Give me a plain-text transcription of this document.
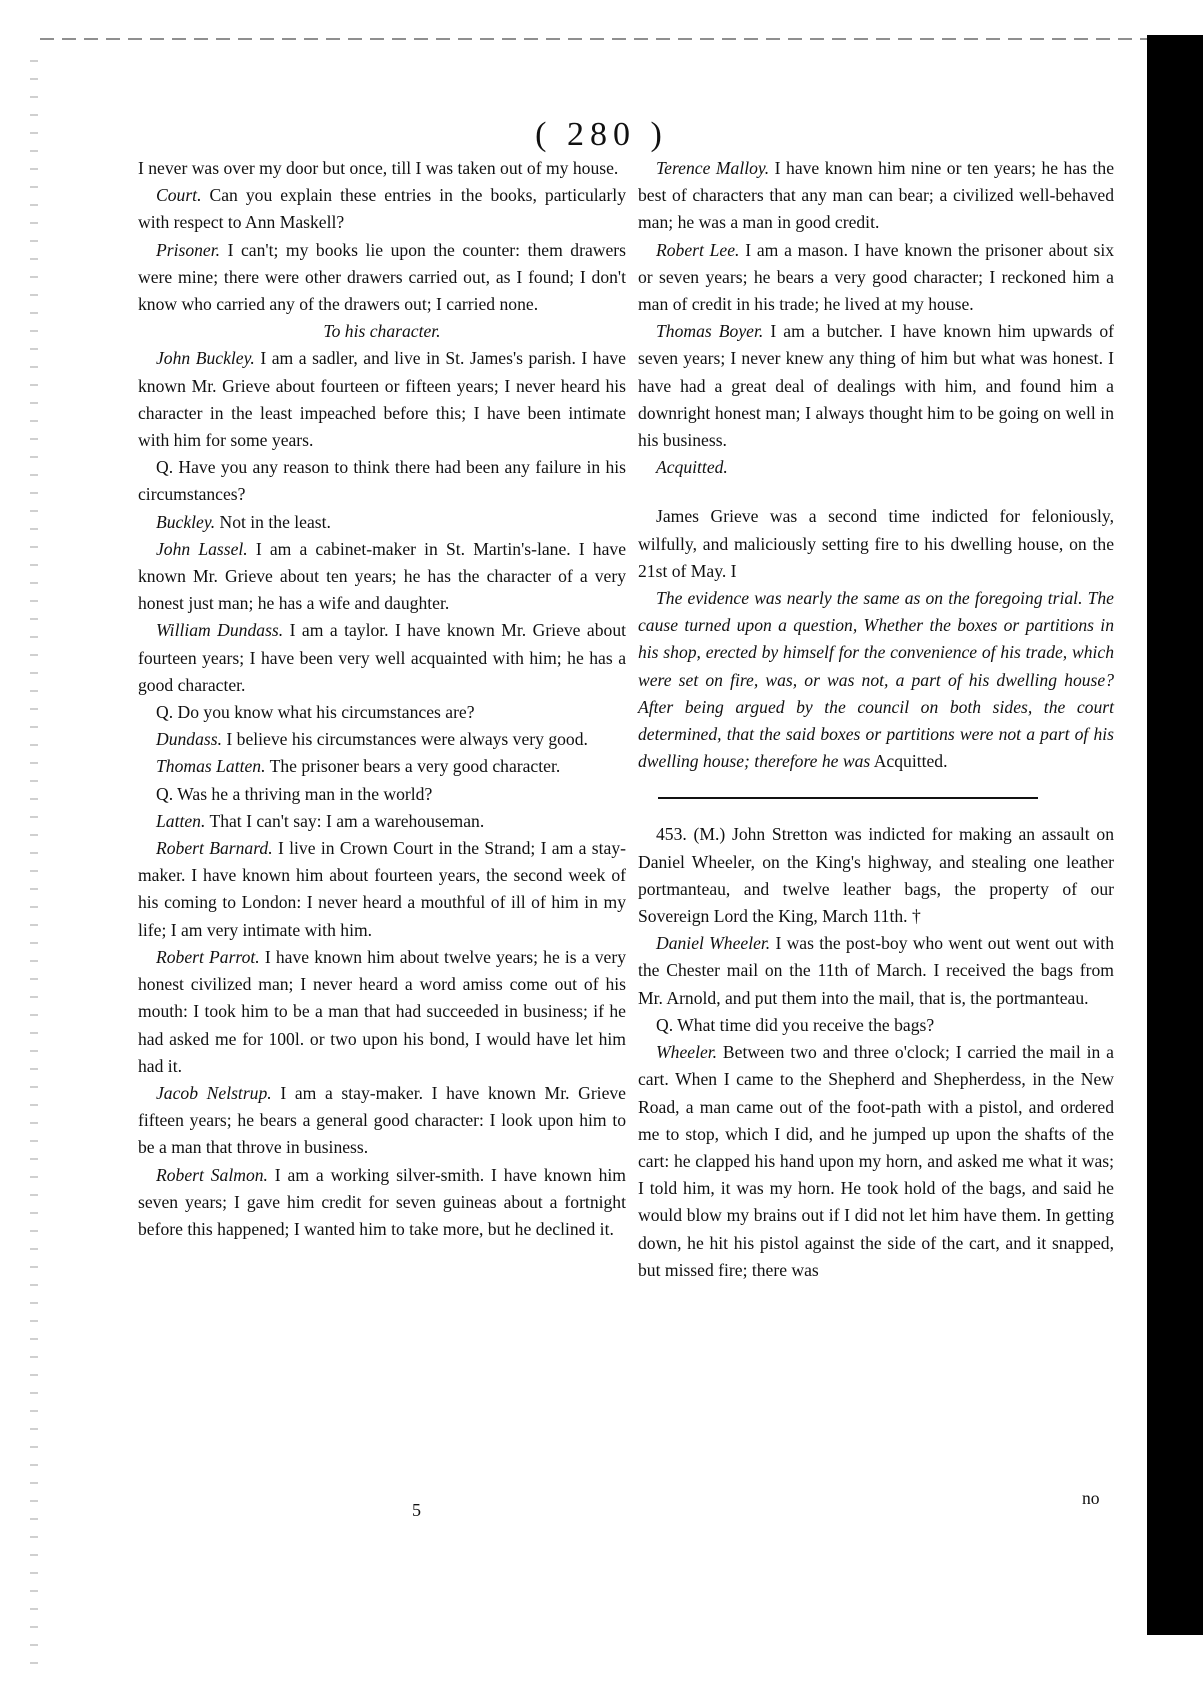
( 280 )

I never was over my door but once, till I was taken out of my house.

Court. Can you explain these entries in the books, particularly with respect to Ann Maskell?

Prisoner. I can't; my books lie upon the counter: them drawers were mine; there were other drawers carried out, as I found; I don't know who carried any of the drawers out; I carried none.

To his character.

John Buckley. I am a sadler, and live in St. James's parish. I have known Mr. Grieve about fourteen or fifteen years; I never heard his character in the least impeached before this; I have been intimate with him for some years.

Q. Have you any reason to think there had been any failure in his circumstances?

Buckley. Not in the least.

John Lassel. I am a cabinet-maker in St. Martin's-lane. I have known Mr. Grieve about ten years; he has the character of a very honest just man; he has a wife and daughter.

William Dundass. I am a taylor. I have known Mr. Grieve about fourteen years; I have been very well acquainted with him; he has a good character.

Q. Do you know what his circumstances are?

Dundass. I believe his circumstances were always very good.

Thomas Latten. The prisoner bears a very good character.

Q. Was he a thriving man in the world?

Latten. That I can't say: I am a warehouseman.

Robert Barnard. I live in Crown Court in the Strand; I am a stay-maker. I have known him about fourteen years, the second week of his coming to London: I never heard a mouthful of ill of him in my life; I am very intimate with him.

Robert Parrot. I have known him about twelve years; he is a very honest civilized man; I never heard a word amiss come out of his mouth: I took him to be a man that had succeeded in business; if he had asked me for 100l. or two upon his bond, I would have let him had it.

Jacob Nelstrup. I am a stay-maker. I have known Mr. Grieve fifteen years; he bears a general good character: I look upon him to be a man that throve in business.

Robert Salmon. I am a working silver-smith. I have known him seven years; I gave him credit for seven guineas about a fortnight before this happened; I wanted him to take more, but he declined it.

Terence Malloy. I have known him nine or ten years; he has the best of characters that any man can bear; a civilized well-behaved man; he was a man in good credit.

Robert Lee. I am a mason. I have known the prisoner about six or seven years; he bears a very good character; I reckoned him a man of credit in his trade; he lived at my house.

Thomas Boyer. I am a butcher. I have known him upwards of seven years; I never knew any thing of him but what was honest. I have had a great deal of dealings with him, and found him a downright honest man; I always thought him to be going on well in his business.

Acquitted.

James Grieve was a second time indicted for feloniously, wilfully, and maliciously setting fire to his dwelling house, on the 21st of May. I

The evidence was nearly the same as on the foregoing trial. The cause turned upon a question, Whether the boxes or partitions in his shop, erected by himself for the convenience of his trade, which were set on fire, was, or was not, a part of his dwelling house? After being argued by the council on both sides, the court determined, that the said boxes or partitions were not a part of his dwelling house; therefore he was Acquitted.

453. (M.) John Stretton was indicted for making an assault on Daniel Wheeler, on the King's highway, and stealing one leather portmanteau, and twelve leather bags, the property of our Sovereign Lord the King, March 11th. †

Daniel Wheeler. I was the post-boy who went out went out with the Chester mail on the 11th of March. I received the bags from Mr. Arnold, and put them into the mail, that is, the portmanteau.

Q. What time did you receive the bags?

Wheeler. Between two and three o'clock; I carried the mail in a cart. When I came to the Shepherd and Shepherdess, in the New Road, a man came out of the foot-path with a pistol, and ordered me to stop, which I did, and he jumped up upon the shafts of the cart: he clapped his hand upon my horn, and asked me what it was; I told him, it was my horn. He took hold of the bags, and said he would blow my brains out if I did not let him have them. In getting down, he hit his pistol against the side of the cart, and it snapped, but missed fire; there was

5
no
